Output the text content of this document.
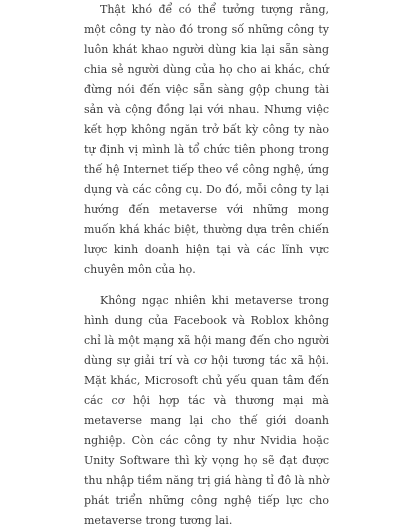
Thật khó để có thể tưởng tượng rằng, một công ty nào đó trong số những công ty luôn khát khao người dùng kia lại sẵn sàng chia sẻ người dùng của họ cho ai khác, chứ đừng nói đến việc sẵn sàng gộp chung tài sản và cộng đồng lại với nhau. Nhưng việc kết hợp không ngăn trở bất kỳ công ty nào tự định vị mình là tổ chức tiên phong trong thế hệ Internet tiếp theo về công nghệ, ứng dụng và các công cụ. Do đó, mỗi công ty lại hướng đến metaverse với những mong muốn khá khác biệt, thường dựa trên chiến lược kinh doanh hiện tại và các lĩnh vực chuyên môn của họ.

Không ngạc nhiên khi metaverse trong hình dung của Facebook và Roblox không chỉ là một mạng xã hội mang đến cho người dùng sự giải trí và cơ hội tương tác xã hội. Mặt khác, Microsoft chủ yếu quan tâm đến các cơ hội hợp tác và thương mại mà metaverse mang lại cho thế giới doanh nghiệp. Còn các công ty như Nvidia hoặc Unity Software thì kỳ vọng họ sẽ đạt được thu nhập tiềm năng trị giá hàng tỉ đô là nhờ phát triển những công nghệ tiếp lực cho metaverse trong tương lai.
